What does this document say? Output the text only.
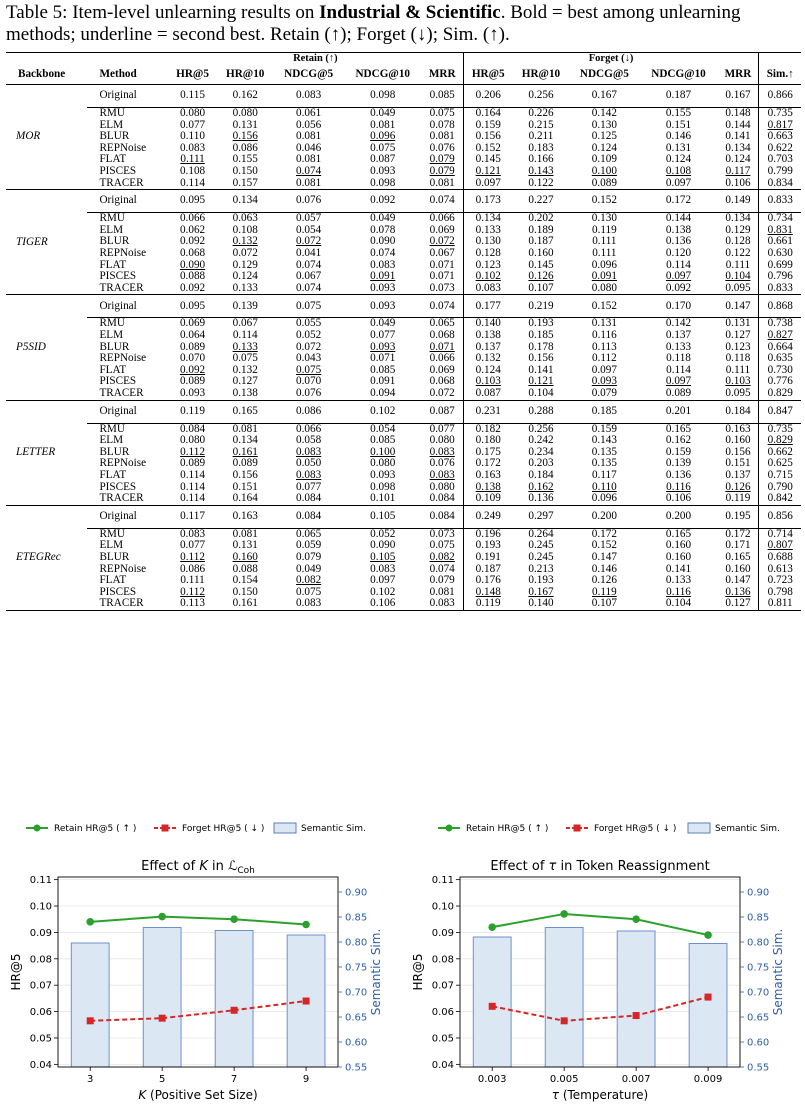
Table 5: Item-level unlearning results on Industrial & Scientific. Bold = best among unlearning methods; underline = second best. Retain (↑); Forget (↓); Sim. (↑).
		Retain (↑)					Forget (↓)					
Backbone	Method	HR@5	HR@10	NDCG@5	NDCG@10	MRR	HR@5	HR@10	NDCG@5	NDCG@10	MRR	Sim.↑
MOR	Original	0.115	0.162	0.083	0.098	0.085	0.206	0.256	0.167	0.187	0.167	0.866
	RMU	0.080	0.080	0.061	0.049	0.075	0.164	0.226	0.142	0.155	0.148	0.735
	ELM	0.077	0.131	0.056	0.081	0.078	0.159	0.215	0.130	0.151	0.144	0.817
	BLUR	0.110	0.156	0.081	0.096	0.081	0.156	0.211	0.125	0.146	0.141	0.663
	REPNoise	0.083	0.086	0.046	0.075	0.076	0.152	0.183	0.124	0.131	0.134	0.622
	FLAT	0.111	0.155	0.081	0.087	0.079	0.145	0.166	0.109	0.124	0.124	0.703
	PISCES	0.108	0.150	0.074	0.093	0.079	0.121	0.143	0.100	0.108	0.117	0.799
	TRACER	0.114	0.157	0.081	0.098	0.081	0.097	0.122	0.089	0.097	0.106	0.834
TIGER	Original	0.095	0.134	0.076	0.092	0.074	0.173	0.227	0.152	0.172	0.149	0.833
	RMU	0.066	0.063	0.057	0.049	0.066	0.134	0.202	0.130	0.144	0.134	0.734
	ELM	0.062	0.108	0.054	0.078	0.069	0.133	0.189	0.119	0.138	0.129	0.831
	BLUR	0.092	0.132	0.072	0.090	0.072	0.130	0.187	0.111	0.136	0.128	0.661
	REPNoise	0.068	0.072	0.041	0.074	0.067	0.128	0.160	0.111	0.120	0.122	0.630
	FLAT	0.090	0.129	0.074	0.083	0.071	0.123	0.145	0.096	0.114	0.111	0.699
	PISCES	0.088	0.124	0.067	0.091	0.071	0.102	0.126	0.091	0.097	0.104	0.796
	TRACER	0.092	0.133	0.074	0.093	0.073	0.083	0.107	0.080	0.092	0.095	0.833
P5SID	Original	0.095	0.139	0.075	0.093	0.074	0.177	0.219	0.152	0.170	0.147	0.868
	RMU	0.069	0.067	0.055	0.049	0.065	0.140	0.193	0.131	0.142	0.131	0.738
	ELM	0.064	0.114	0.052	0.077	0.068	0.138	0.185	0.116	0.137	0.127	0.827
	BLUR	0.089	0.133	0.072	0.093	0.071	0.137	0.178	0.113	0.133	0.123	0.664
	REPNoise	0.070	0.075	0.043	0.071	0.066	0.132	0.156	0.112	0.118	0.118	0.635
	FLAT	0.092	0.132	0.075	0.085	0.069	0.124	0.141	0.097	0.114	0.111	0.730
	PISCES	0.089	0.127	0.070	0.091	0.068	0.103	0.121	0.093	0.097	0.103	0.776
	TRACER	0.093	0.138	0.076	0.094	0.072	0.087	0.104	0.079	0.089	0.095	0.829
LETTER	Original	0.119	0.165	0.086	0.102	0.087	0.231	0.288	0.185	0.201	0.184	0.847
	RMU	0.084	0.081	0.066	0.054	0.077	0.182	0.256	0.159	0.165	0.163	0.735
	ELM	0.080	0.134	0.058	0.085	0.080	0.180	0.242	0.143	0.162	0.160	0.829
	BLUR	0.112	0.161	0.083	0.100	0.083	0.175	0.234	0.135	0.159	0.156	0.662
	REPNoise	0.089	0.089	0.050	0.080	0.076	0.172	0.203	0.135	0.139	0.151	0.625
	FLAT	0.114	0.156	0.083	0.093	0.083	0.163	0.184	0.117	0.136	0.137	0.715
	PISCES	0.114	0.151	0.077	0.098	0.080	0.138	0.162	0.110	0.116	0.126	0.790
	TRACER	0.114	0.164	0.084	0.101	0.084	0.109	0.136	0.096	0.106	0.119	0.842
ETEGRec	Original	0.117	0.163	0.084	0.105	0.084	0.249	0.297	0.200	0.200	0.195	0.856
	RMU	0.083	0.081	0.065	0.052	0.073	0.196	0.264	0.172	0.165	0.172	0.714
	ELM	0.077	0.131	0.059	0.090	0.075	0.193	0.245	0.152	0.160	0.171	0.807
	BLUR	0.112	0.160	0.079	0.105	0.082	0.191	0.245	0.147	0.160	0.165	0.688
	REPNoise	0.086	0.088	0.049	0.083	0.074	0.187	0.213	0.146	0.141	0.160	0.613
	FLAT	0.111	0.154	0.082	0.097	0.079	0.176	0.193	0.126	0.133	0.147	0.723
	PISCES	0.112	0.150	0.075	0.102	0.081	0.148	0.167	0.119	0.116	0.136	0.798
	TRACER	0.113	0.161	0.083	0.106	0.083	0.119	0.140	0.107	0.104	0.127	0.811
Retain HR@5 ( ↑ )	Forget HR@5 ( ↓ )	Semantic Sim.	Retain HR@5 ( ↑ )	Forget HR@5 ( ↓ )	Semantic Sim.
Effect of K in ℒ$_{Coh}$
0.04
0.05
0.06
0.07
0.08
0.09
0.10
0.11
0.55
0.60
0.65
0.70
0.75
0.80
0.85
0.90
3	5	7	9
K (Positive Set Size)
HR@5	Semantic Sim.
Effect of τ in Token Reassignment
0.04
0.05
0.06
0.07
0.08
0.09
0.10
0.11
0.55
0.60
0.65
0.70
0.75
0.80
0.85
0.90
0.003	0.005	0.007	0.009
τ (Temperature)
HR@5	Semantic Sim.
